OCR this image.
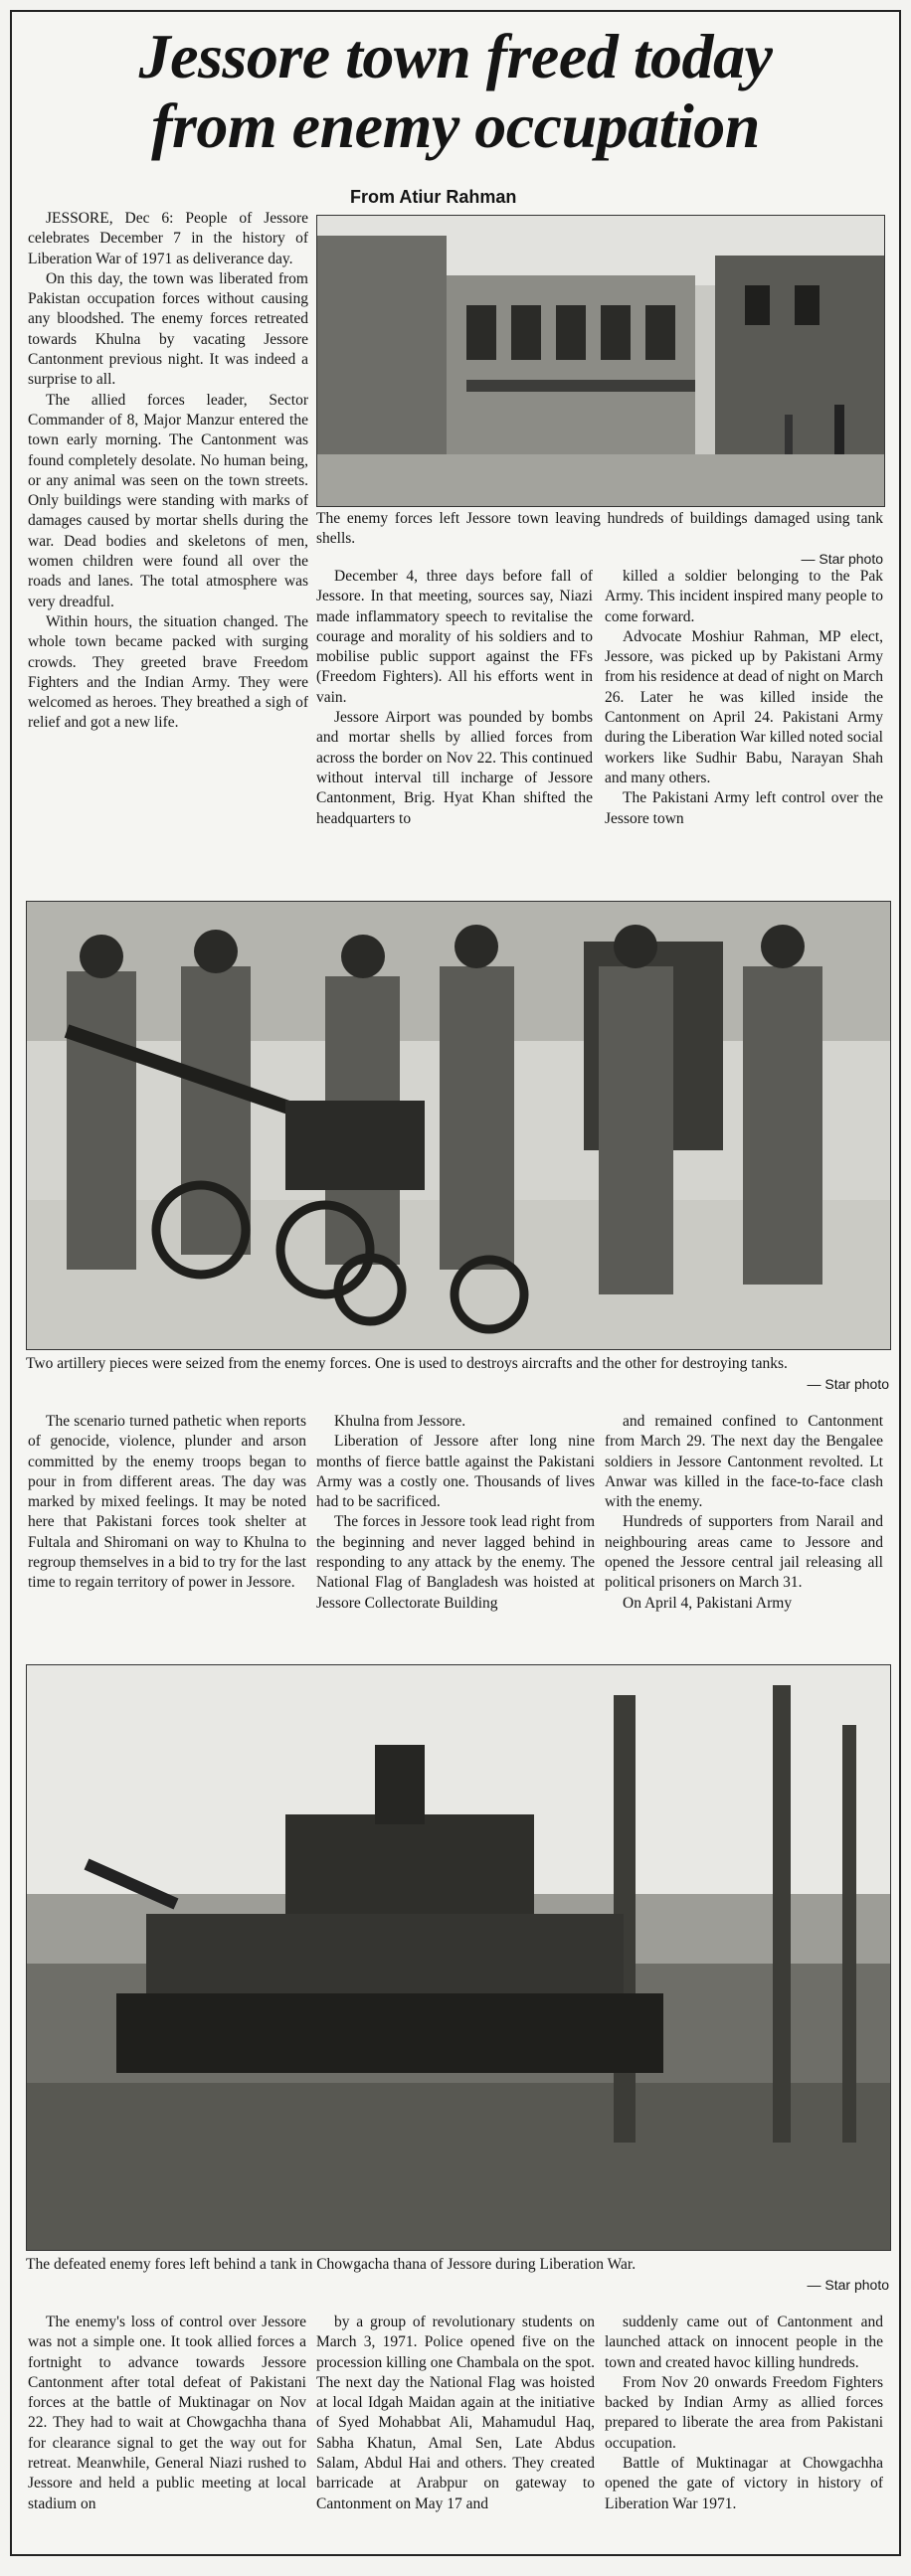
Jessore town freed today
from enemy occupation
From Atiur Rahman

JESSORE, Dec 6: People of Jessore celebrates December 7 in the history of Liberation War of 1971 as deliverance day.

On this day, the town was liberated from Pakistan occupation forces without causing any bloodshed. The enemy forces retreated towards Khulna by vacating Jessore Cantonment previous night. It was indeed a surprise to all.

The allied forces leader, Sector Commander of 8, Major Manzur entered the town early morning. The Cantonment was found completely desolate. No human being, or any animal was seen on the town streets. Only buildings were standing with marks of damages caused by mortar shells during the war. Dead bodies and skeletons of men, women children were found all over the roads and lanes. The total atmosphere was very dreadful.

Within hours, the situation changed. The whole town became packed with surging crowds. They greeted brave Freedom Fighters and the Indian Army. They were welcomed as heroes. They breathed a sigh of relief and got a new life.

The enemy forces left Jessore town leaving hundreds of buildings damaged using tank shells.
— Star photo

December 4, three days before fall of Jessore. In that meeting, sources say, Niazi made inflammatory speech to revitalise the courage and morality of his soldiers and to mobilise public support against the FFs (Freedom Fighters). All his efforts went in vain.

Jessore Airport was pounded by bombs and mortar shells by allied forces from across the border on Nov 22. This continued without interval till incharge of Jessore Cantonment, Brig. Hyat Khan shifted the headquarters to

killed a soldier belonging to the Pak Army. This incident inspired many people to come forward.

Advocate Moshiur Rahman, MP elect, Jessore, was picked up by Pakistani Army from his residence at dead of night on March 26. Later he was killed inside the Cantonment on April 24. Pakistani Army during the Liberation War killed noted social workers like Sudhir Babu, Narayan Shah and many others.

The Pakistani Army left control over the Jessore town

Two artillery pieces were seized from the enemy forces. One is used to destroys aircrafts and the other for destroying tanks.
— Star photo

The scenario turned pathetic when reports of genocide, violence, plunder and arson committed by the enemy troops began to pour in from different areas. The day was marked by mixed feelings. It may be noted here that Pakistani forces took shelter at Fultala and Shiromani on way to Khulna to regroup themselves in a bid to try for the last time to regain territory of power in Jessore.

Khulna from Jessore.

Liberation of Jessore after long nine months of fierce battle against the Pakistani Army was a costly one. Thousands of lives had to be sacrificed.

The forces in Jessore took lead right from the beginning and never lagged behind in responding to any attack by the enemy. The National Flag of Bangladesh was hoisted at Jessore Collectorate Building

and remained confined to Cantonment from March 29. The next day the Bengalee soldiers in Jessore Cantonment revolted. Lt Anwar was killed in the face-to-face clash with the enemy.

Hundreds of supporters from Narail and neighbouring areas came to Jessore and opened the Jessore central jail releasing all political prisoners on March 31.

On April 4, Pakistani Army

The defeated enemy fores left behind a tank in Chowgacha thana of Jessore during Liberation War.
— Star photo

The enemy's loss of control over Jessore was not a simple one. It took allied forces a fortnight to advance towards Jessore Cantonment after total defeat of Pakistani forces at the battle of Muktinagar on Nov 22. They had to wait at Chowgachha thana for clearance signal to get the way out for retreat. Meanwhile, General Niazi rushed to Jessore and held a public meeting at local stadium on

by a group of revolutionary students on March 3, 1971. Police opened five on the procession killing one Chambala on the spot. The next day the National Flag was hoisted at local Idgah Maidan again at the initiative of Syed Mohabbat Ali, Mahamudul Haq, Sabha Khatun, Amal Sen, Late Abdus Salam, Abdul Hai and others. They created barricade at Arabpur on gateway to Cantonment on May 17 and

suddenly came out of Cantonment and launched attack on innocent people in the town and created havoc killing hundreds.

From Nov 20 onwards Freedom Fighters backed by Indian Army as allied forces prepared to liberate the area from Pakistani occupation.

Battle of Muktinagar at Chowgachha opened the gate of victory in history of Liberation War 1971.
